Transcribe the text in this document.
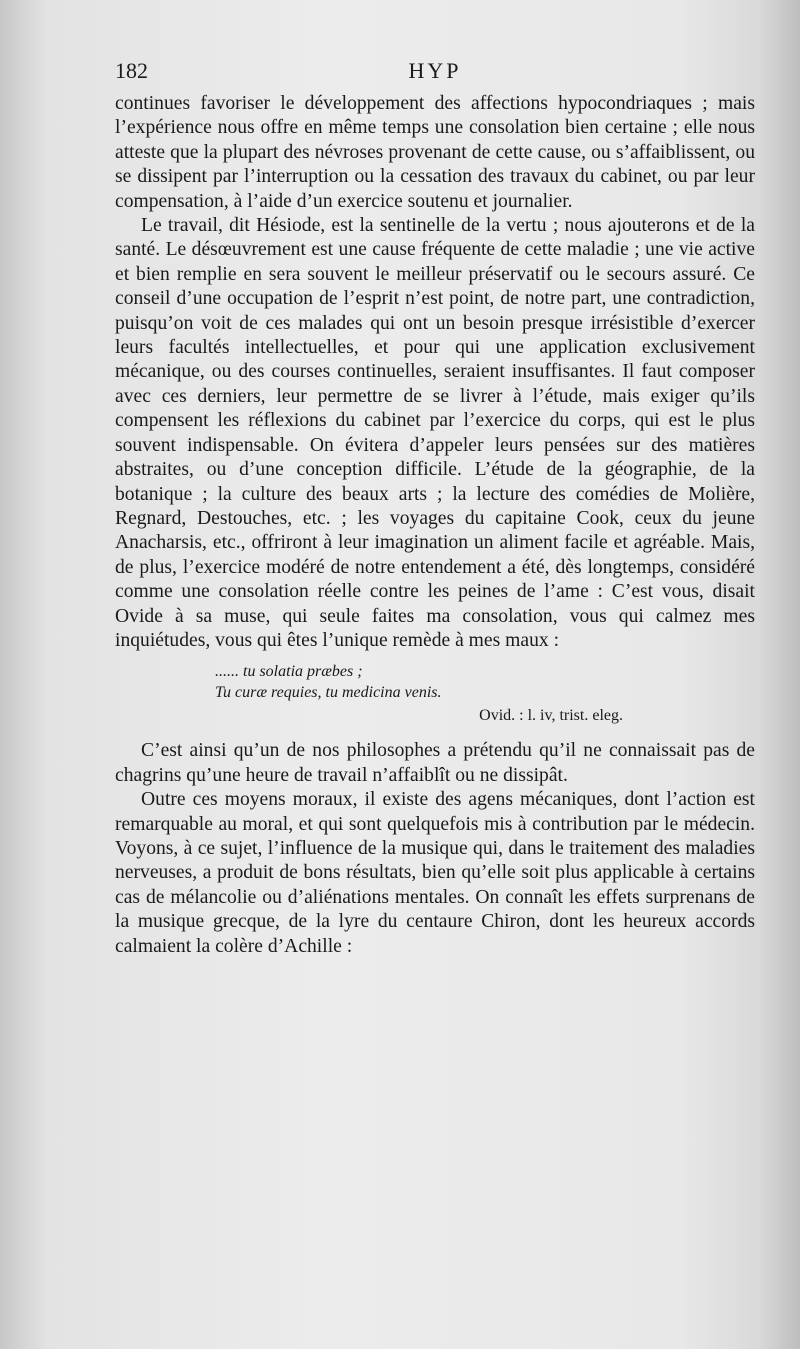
182	HYP

continues favoriser le développement des affections hypocondriaques ; mais l’expérience nous offre en même temps une consolation bien certaine ; elle nous atteste que la plupart des névroses provenant de cette cause, ou s’affaiblissent, ou se dissipent par l’interruption ou la cessation des travaux du cabinet, ou par leur compensation, à l’aide d’un exercice soutenu et journalier.

Le travail, dit Hésiode, est la sentinelle de la vertu ; nous ajouterons et de la santé. Le désœuvrement est une cause fréquente de cette maladie ; une vie active et bien remplie en sera souvent le meilleur préservatif ou le secours assuré. Ce conseil d’une occupation de l’esprit n’est point, de notre part, une contradiction, puisqu’on voit de ces malades qui ont un besoin presque irrésistible d’exercer leurs facultés intellectuelles, et pour qui une application exclusivement mécanique, ou des courses continuelles, seraient insuffisantes. Il faut composer avec ces derniers, leur permettre de se livrer à l’étude, mais exiger qu’ils compensent les réflexions du cabinet par l’exercice du corps, qui est le plus souvent indispensable. On évitera d’appeler leurs pensées sur des matières abstraites, ou d’une conception difficile. L’étude de la géographie, de la botanique ; la culture des beaux arts ; la lecture des comédies de Molière, Regnard, Destouches, etc. ; les voyages du capitaine Cook, ceux du jeune Anacharsis, etc., offriront à leur imagination un aliment facile et agréable. Mais, de plus, l’exercice modéré de notre entendement a été, dès longtemps, considéré comme une consolation réelle contre les peines de l’ame : C’est vous, disait Ovide à sa muse, qui seule faites ma consolation, vous qui calmez mes inquiétudes, vous qui êtes l’unique remède à mes maux :

...... tu solatia præbes ;
Tu curæ requies, tu medicina venis.
Ovid. : l. iv, trist. eleg.

C’est ainsi qu’un de nos philosophes a prétendu qu’il ne connaissait pas de chagrins qu’une heure de travail n’affaiblît ou ne dissipât.

Outre ces moyens moraux, il existe des agens mécaniques, dont l’action est remarquable au moral, et qui sont quelquefois mis à contribution par le médecin. Voyons, à ce sujet, l’influence de la musique qui, dans le traitement des maladies nerveuses, a produit de bons résultats, bien qu’elle soit plus applicable à certains cas de mélancolie ou d’aliénations mentales. On connaît les effets surprenans de la musique grecque, de la lyre du centaure Chiron, dont les heureux accords calmaient la colère d’Achille :
